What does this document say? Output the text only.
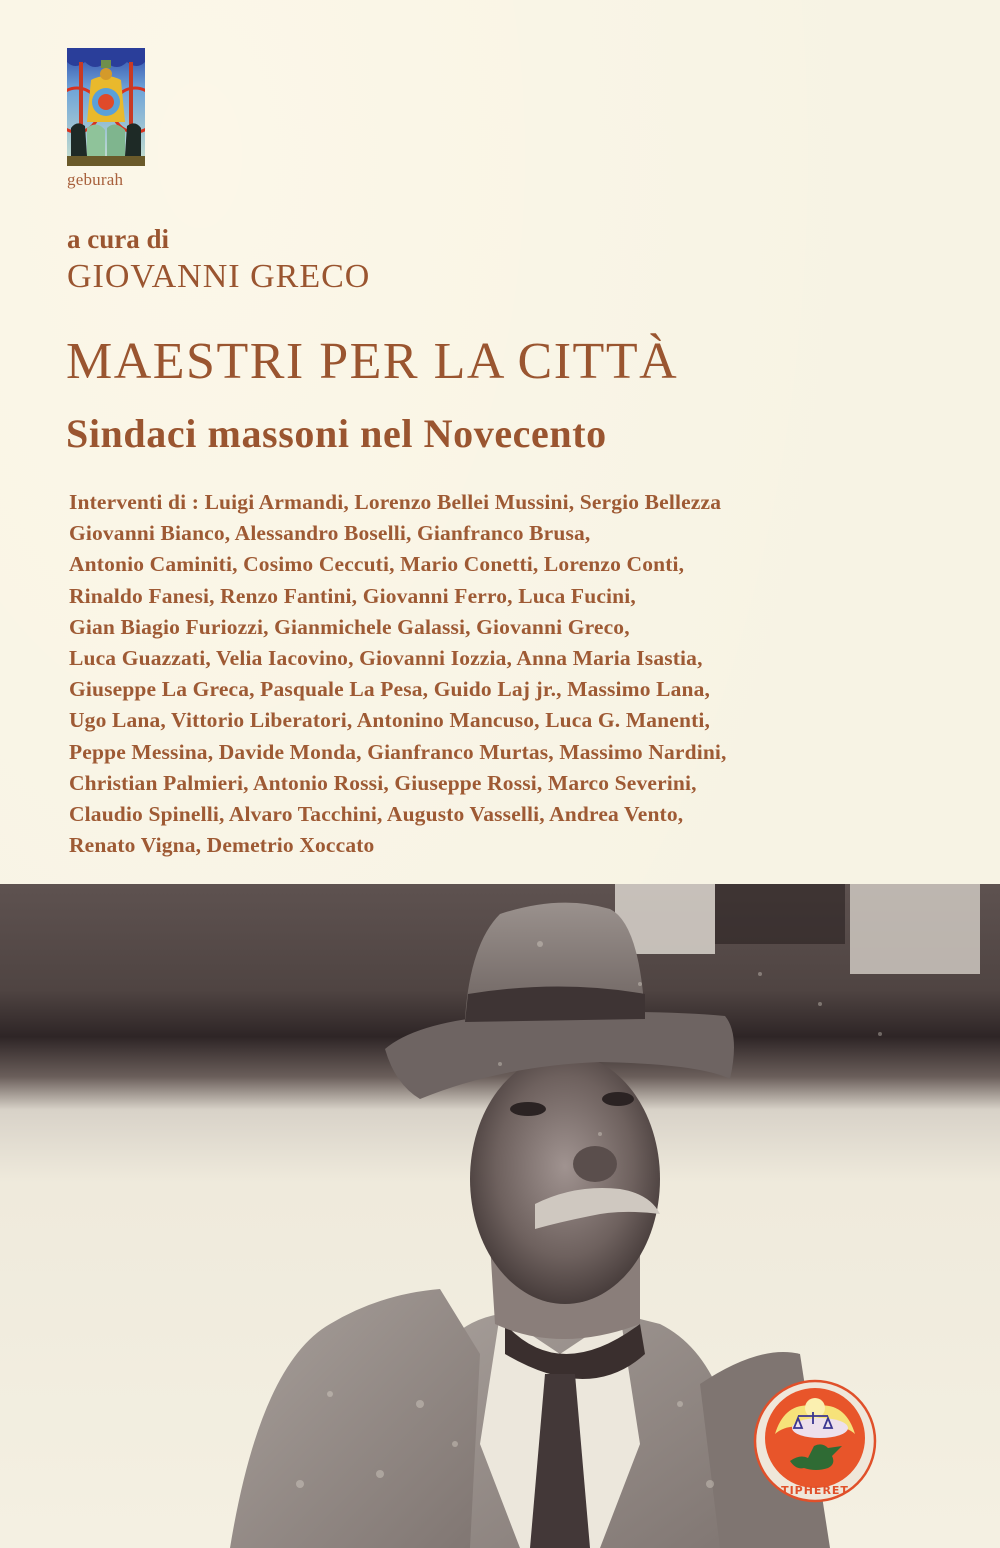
geburah
a cura di
GIOVANNI GRECO
MAESTRI PER LA CITTÀ
Sindaci massoni nel Novecento
Interventi di : Luigi Armandi, Lorenzo Bellei Mussini, Sergio Bellezza
Giovanni Bianco, Alessandro Boselli, Gianfranco Brusa,
Antonio Caminiti, Cosimo Ceccuti, Mario Conetti, Lorenzo Conti,
Rinaldo Fanesi, Renzo Fantini, Giovanni Ferro, Luca Fucini,
Gian Biagio Furiozzi, Gianmichele Galassi, Giovanni Greco,
Luca Guazzati, Velia Iacovino, Giovanni Iozzia, Anna Maria Isastia,
Giuseppe La Greca, Pasquale La Pesa, Guido Laj jr., Massimo Lana,
Ugo Lana, Vittorio Liberatori, Antonino Mancuso, Luca G. Manenti,
Peppe Messina, Davide Monda, Gianfranco Murtas, Massimo Nardini,
Christian Palmieri, Antonio Rossi, Giuseppe Rossi, Marco Severini,
Claudio Spinelli, Alvaro Tacchini, Augusto Vasselli, Andrea Vento,
Renato Vigna, Demetrio Xoccato
TIPHERET
